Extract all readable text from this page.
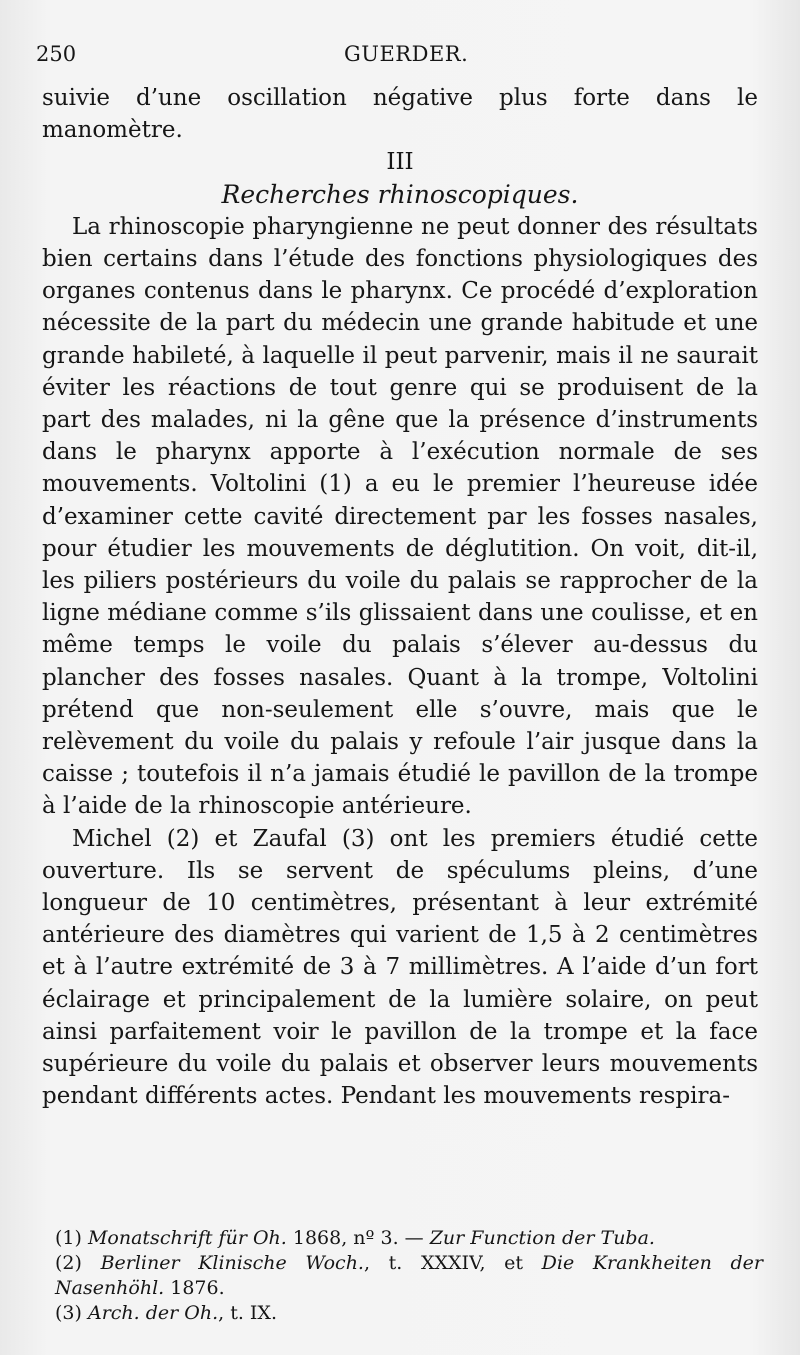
250	GUERDER.

suivie d’une oscillation négative plus forte dans le manomètre.

III

Recherches rhinoscopiques.

La rhinoscopie pharyngienne ne peut donner des résultats bien certains dans l’étude des fonctions physiologiques des organes contenus dans le pharynx. Ce procédé d’exploration nécessite de la part du médecin une grande habitude et une grande habileté, à laquelle il peut parvenir, mais il ne saurait éviter les réactions de tout genre qui se produisent de la part des malades, ni la gêne que la présence d’instruments dans le pharynx apporte à l’exécution normale de ses mouvements. Voltolini (1) a eu le premier l’heureuse idée d’examiner cette cavité directement par les fosses nasales, pour étudier les mouvements de déglutition. On voit, dit-il, les piliers postérieurs du voile du palais se rapprocher de la ligne médiane comme s’ils glissaient dans une coulisse, et en même temps le voile du palais s’élever au-dessus du plancher des fosses nasales. Quant à la trompe, Voltolini prétend que non-seulement elle s’ouvre, mais que le relèvement du voile du palais y refoule l’air jusque dans la caisse ; toutefois il n’a jamais étudié le pavillon de la trompe à l’aide de la rhinoscopie antérieure.

Michel (2) et Zaufal (3) ont les premiers étudié cette ouverture. Ils se servent de spéculums pleins, d’une longueur de 10 centimètres, présentant à leur extrémité antérieure des diamètres qui varient de 1,5 à 2 centimètres et à l’autre extrémité de 3 à 7 millimètres. A l’aide d’un fort éclairage et principalement de la lumière solaire, on peut ainsi parfaitement voir le pavillon de la trompe et la face supérieure du voile du palais et observer leurs mouvements pendant différents actes. Pendant les mouvements respira-

(1) Monatschrift für Oh. 1868, nº 3. — Zur Function der Tuba.

(2) Berliner Klinische Woch., t. XXXIV, et Die Krankheiten der Nasenhöhl. 1876.

(3) Arch. der Oh., t. IX.
